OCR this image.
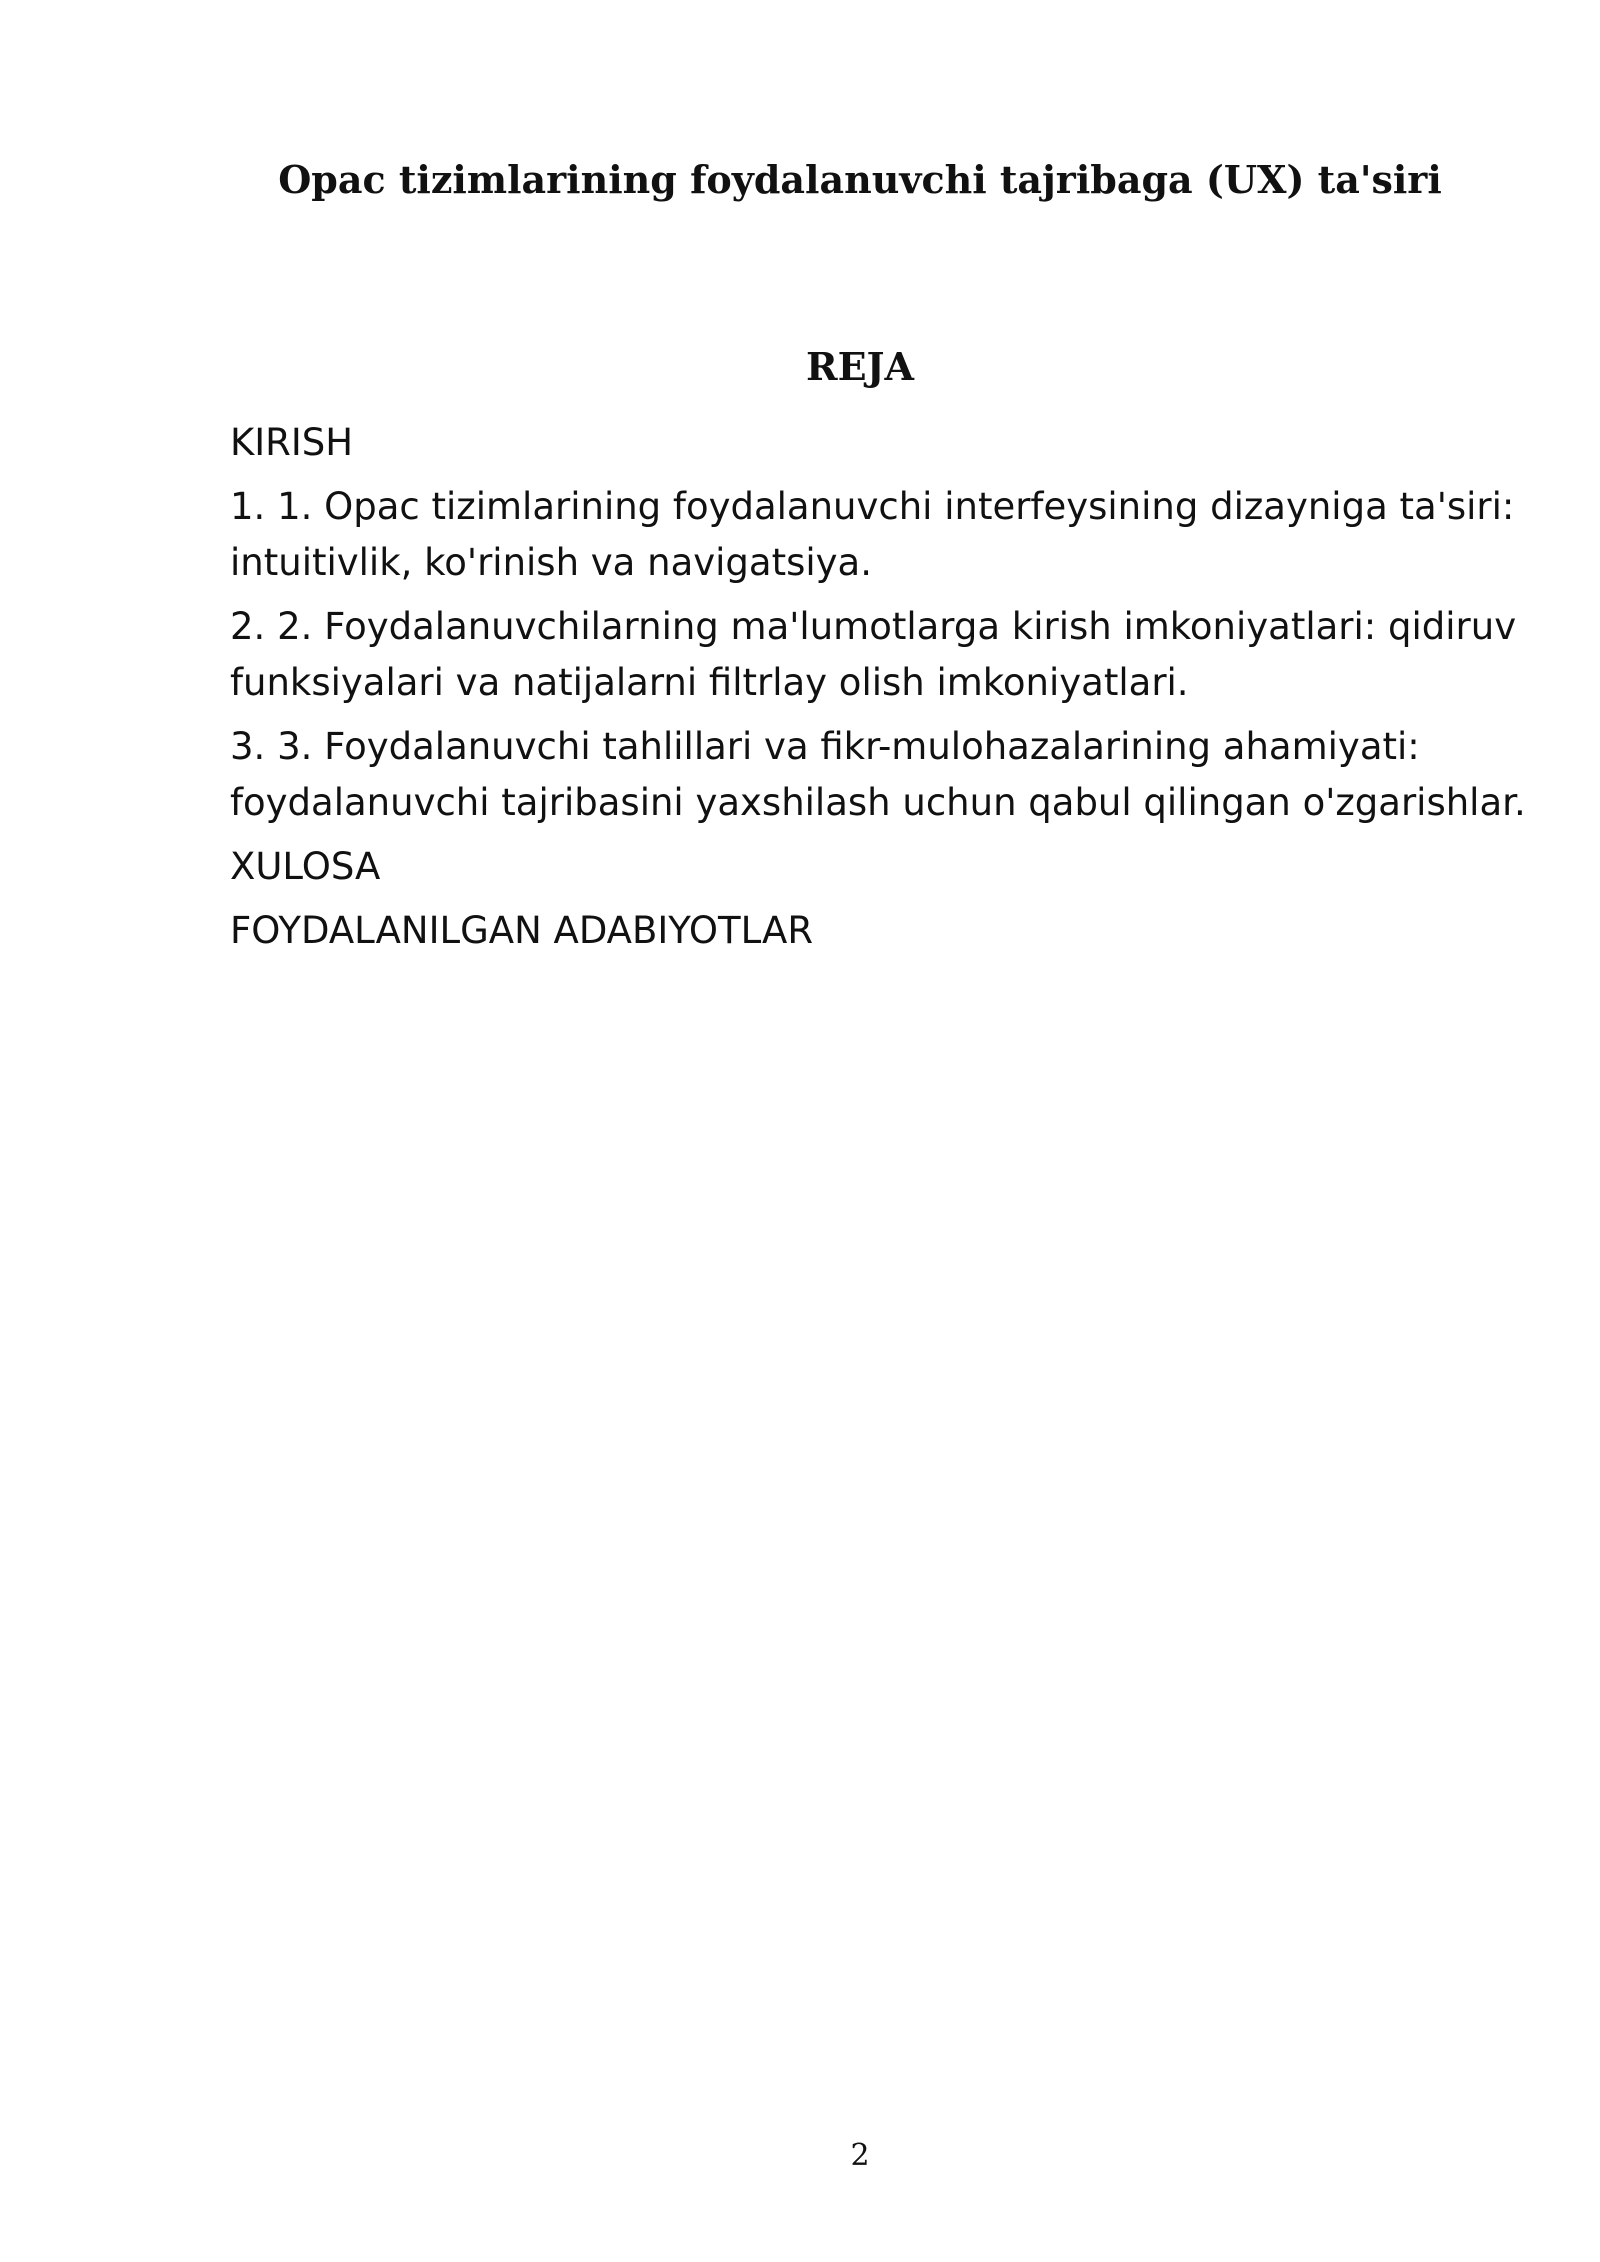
Opac tizimlarining foydalanuvchi tajribaga (UX) ta'siri
REJA
KIRISH
1. 1. Opac tizimlarining foydalanuvchi interfeysining dizayniga ta'siri: intuitivlik, ko'rinish va navigatsiya.
2. 2. Foydalanuvchilarning ma'lumotlarga kirish imkoniyatlari: qidiruv funksiyalari va natijalarni filtrlay olish imkoniyatlari.
3. 3. Foydalanuvchi tahlillari va fikr-mulohazalarining ahamiyati: foydalanuvchi tajribasini yaxshilash uchun qabul qilingan o'zgarishlar.
XULOSA
FOYDALANILGAN ADABIYOTLAR
2
